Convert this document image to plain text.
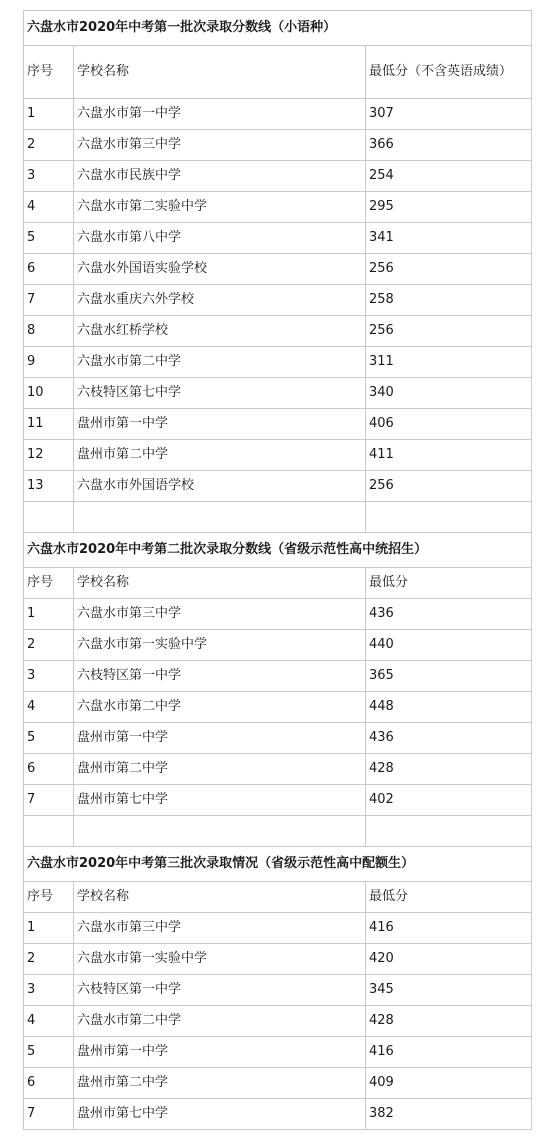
六盘水市2020年中考第一批次录取分数线（小语种）		
序号	学校名称	最低分（不含英语成绩）
1	六盘水市第一中学	307
2	六盘水市第三中学	366
3	六盘水市民族中学	254
4	六盘水市第二实验中学	295
5	六盘水市第八中学	341
6	六盘水外国语实验学校	256
7	六盘水重庆六外学校	258
8	六盘水红桥学校	256
9	六盘水市第二中学	311
10	六枝特区第七中学	340
11	盘州市第一中学	406
12	盘州市第二中学	411
13	六盘水市外国语学校	256

六盘水市2020年中考第二批次录取分数线（省级示范性高中统招生）		
序号	学校名称	最低分
1	六盘水市第三中学	436
2	六盘水市第一实验中学	440
3	六枝特区第一中学	365
4	六盘水市第二中学	448
5	盘州市第一中学	436
6	盘州市第二中学	428
7	盘州市第七中学	402

六盘水市2020年中考第三批次录取情况（省级示范性高中配额生）		
序号	学校名称	最低分
1	六盘水市第三中学	416
2	六盘水市第一实验中学	420
3	六枝特区第一中学	345
4	六盘水市第二中学	428
5	盘州市第一中学	416
6	盘州市第二中学	409
7	盘州市第七中学	382
